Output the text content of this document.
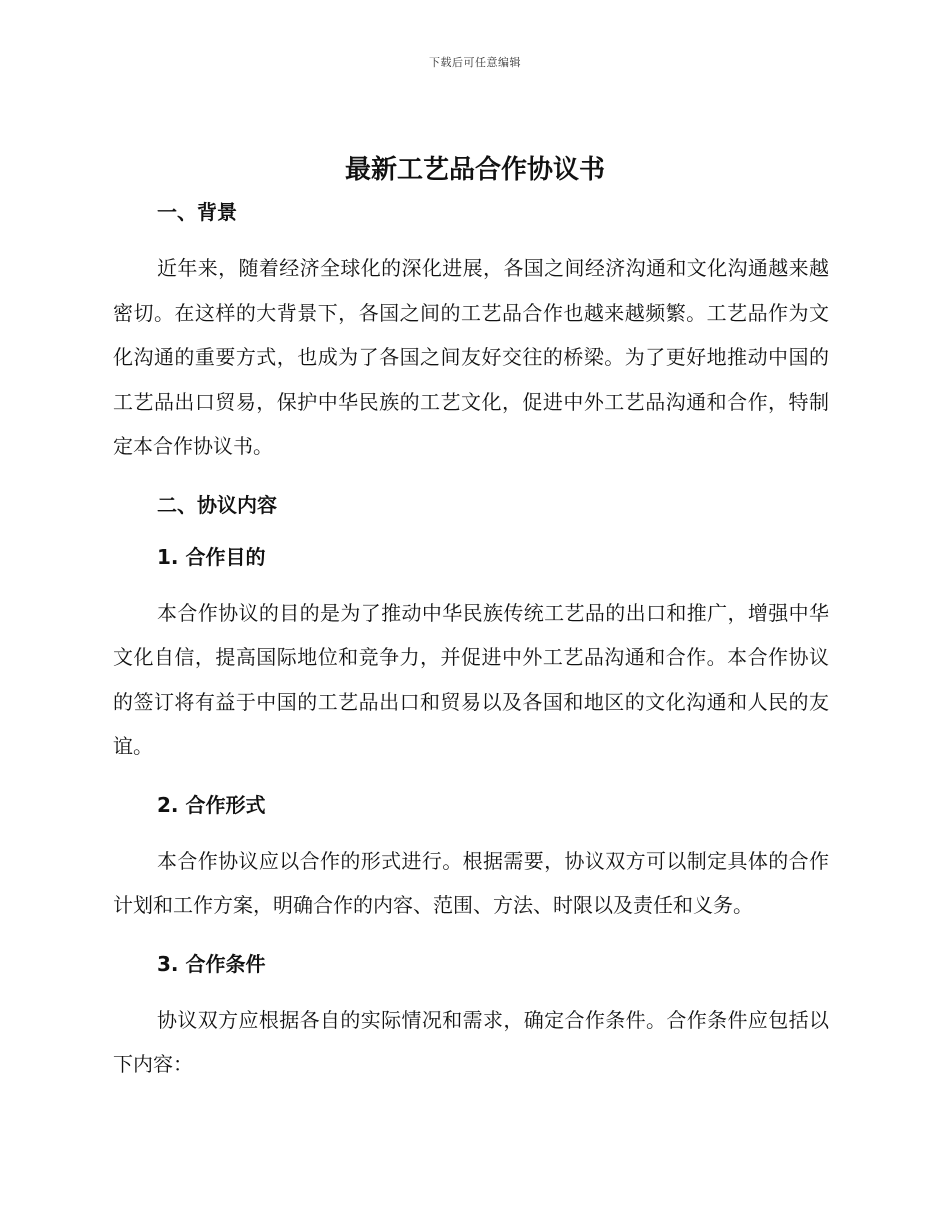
下载后可任意编辑
最新工艺品合作协议书
一、背景

近年来，随着经济全球化的深化进展，各国之间经济沟通和文化沟通越来越密切。在这样的大背景下，各国之间的工艺品合作也越来越频繁。工艺品作为文化沟通的重要方式，也成为了各国之间友好交往的桥梁。为了更好地推动中国的工艺品出口贸易，保护中华民族的工艺文化，促进中外工艺品沟通和合作，特制定本合作协议书。

二、协议内容
1. 合作目的

本合作协议的目的是为了推动中华民族传统工艺品的出口和推广，增强中华文化自信，提高国际地位和竞争力，并促进中外工艺品沟通和合作。本合作协议的签订将有益于中国的工艺品出口和贸易以及各国和地区的文化沟通和人民的友谊。

2. 合作形式

本合作协议应以合作的形式进行。根据需要，协议双方可以制定具体的合作计划和工作方案，明确合作的内容、范围、方法、时限以及责任和义务。

3. 合作条件

协议双方应根据各自的实际情况和需求，确定合作条件。合作条件应包括以下内容：
